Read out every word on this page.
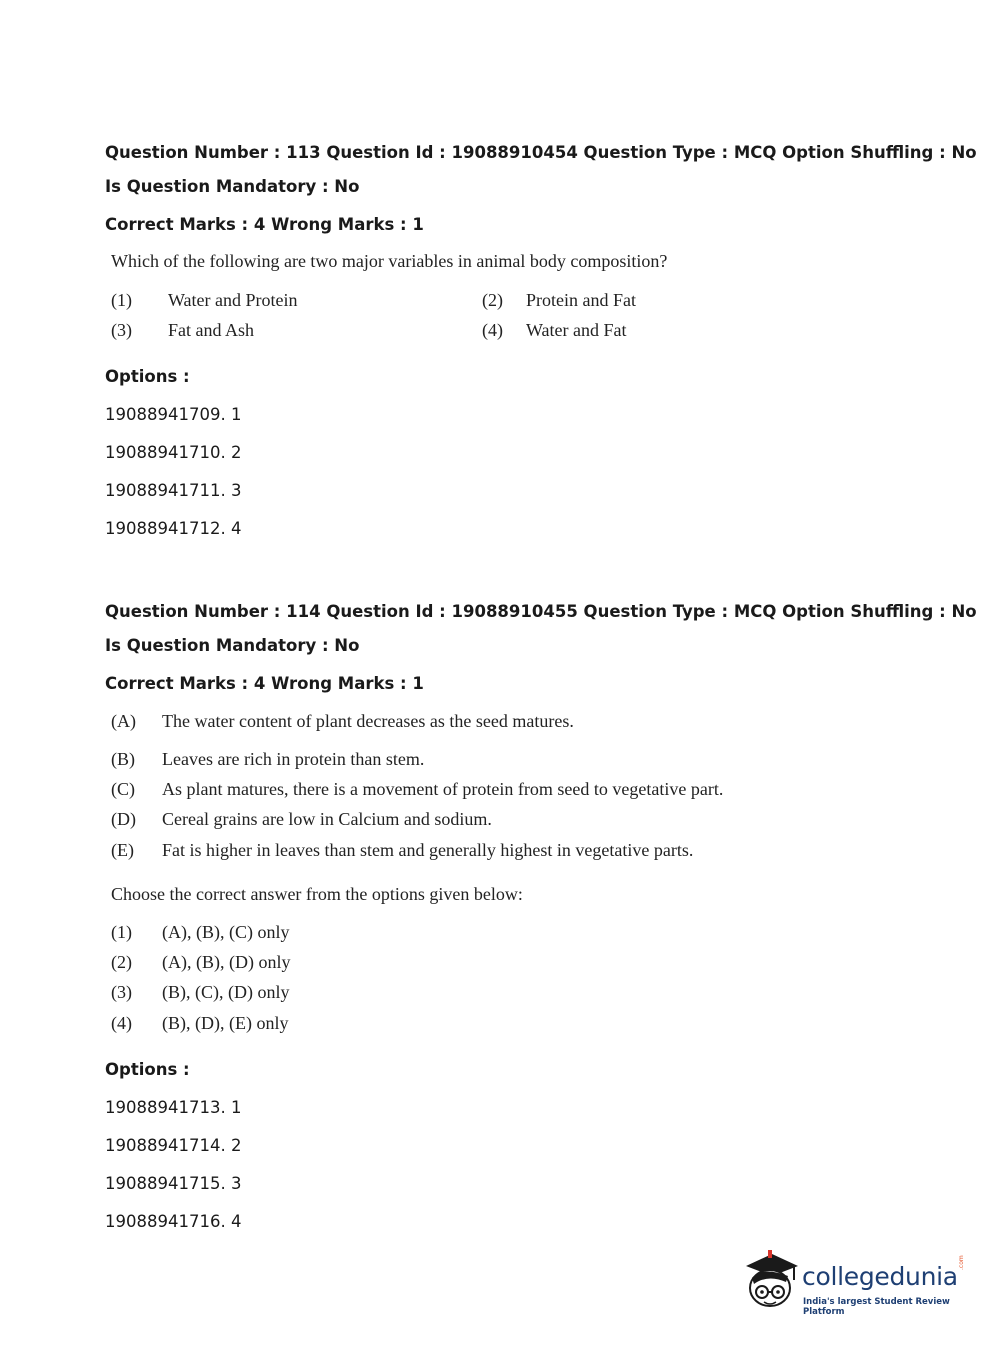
Question Number : 113 Question Id : 19088910454 Question Type : MCQ Option Shuffling : No
Is Question Mandatory : No
Correct Marks : 4 Wrong Marks : 1
Which of the following are two major variables in animal body composition?
(1) Water and Protein	(2) Protein and Fat
(3) Fat and Ash	(4) Water and Fat
Options :
19088941709. 1
19088941710. 2
19088941711. 3
19088941712. 4
Question Number : 114 Question Id : 19088910455 Question Type : MCQ Option Shuffling : No
Is Question Mandatory : No
Correct Marks : 4 Wrong Marks : 1
(A) The water content of plant decreases as the seed matures.
(B) Leaves are rich in protein than stem.
(C) As plant matures, there is a movement of protein from seed to vegetative part.
(D) Cereal grains are low in Calcium and sodium.
(E) Fat is higher in leaves than stem and generally highest in vegetative parts.
Choose the correct answer from the options given below:
(1) (A), (B), (C) only
(2) (A), (B), (D) only
(3) (B), (C), (D) only
(4) (B), (D), (E) only
Options :
19088941713. 1
19088941714. 2
19088941715. 3
19088941716. 4
collegedunia .com
India's largest Student Review Platform
